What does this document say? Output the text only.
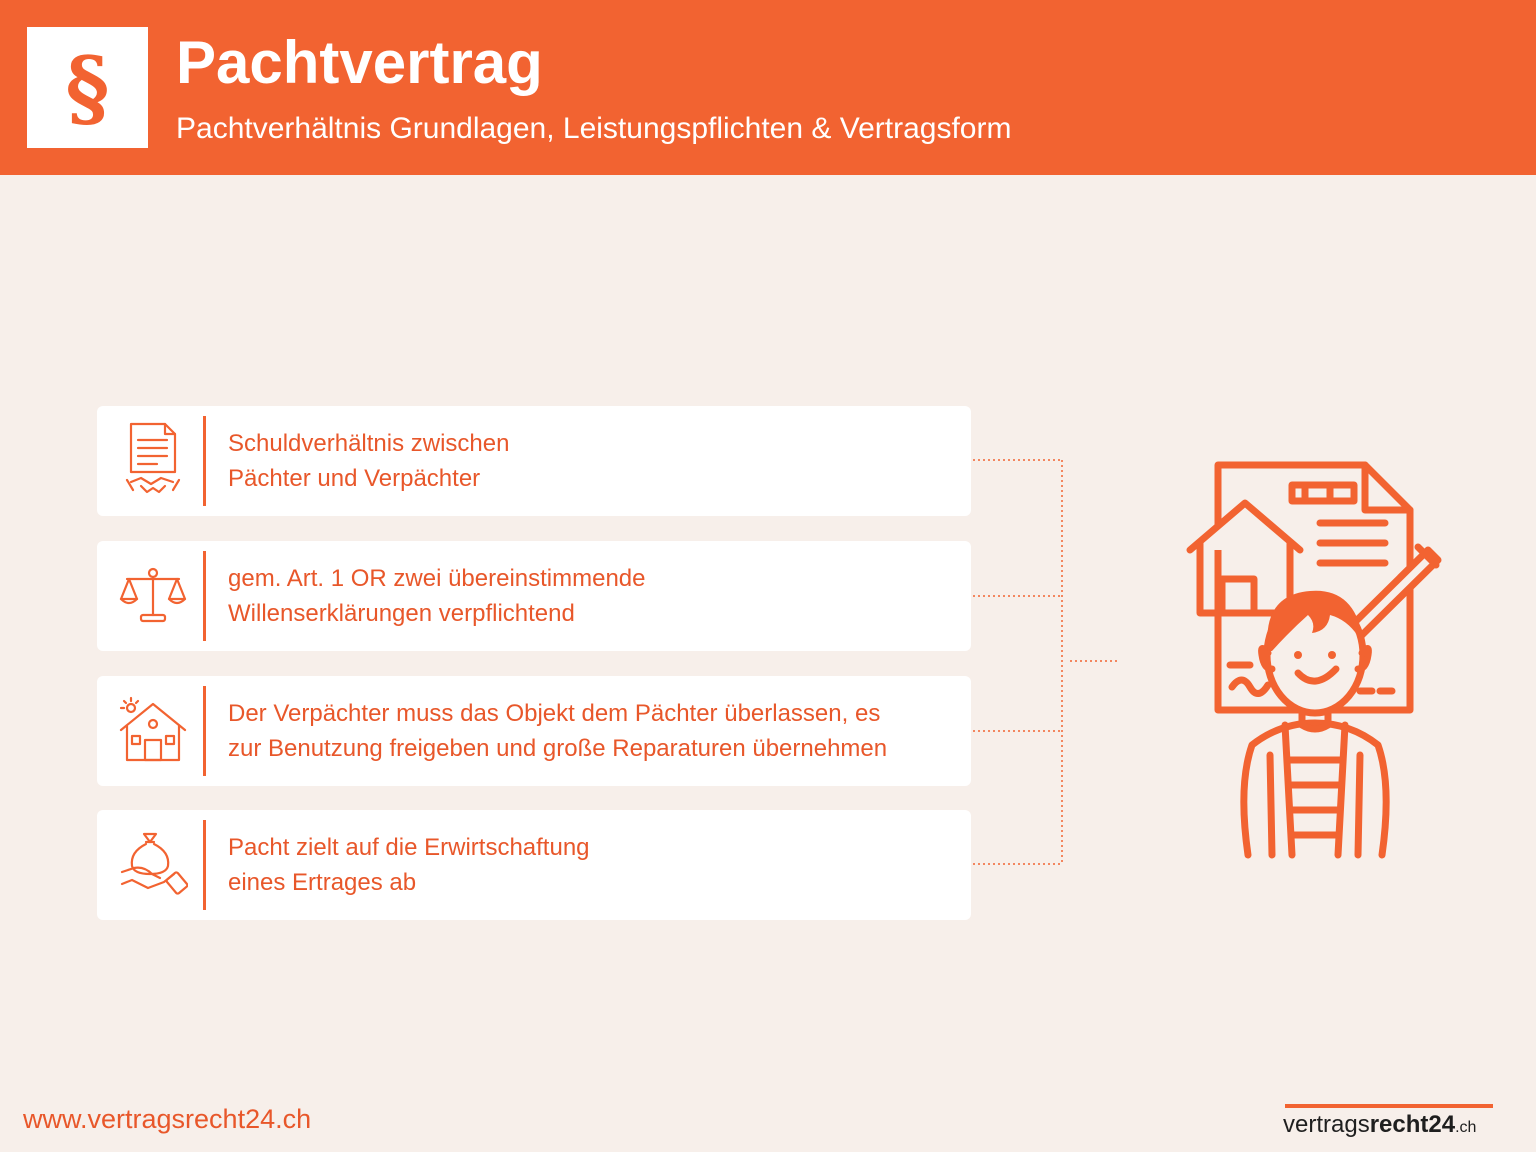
§ Pachtvertrag
Pachtverhältnis Grundlagen, Leistungspflichten & Vertragsform
Schuldverhältnis zwischen
Pächter und Verpächter
gem. Art. 1 OR zwei übereinstimmende
Willenserklärungen verpflichtend
Der Verpächter muss das Objekt dem Pächter überlassen, es
zur Benutzung freigeben und große Reparaturen übernehmen
Pacht zielt auf die Erwirtschaftung
eines Ertrages ab
www.vertragsrecht24.ch	vertragsrecht24.ch
